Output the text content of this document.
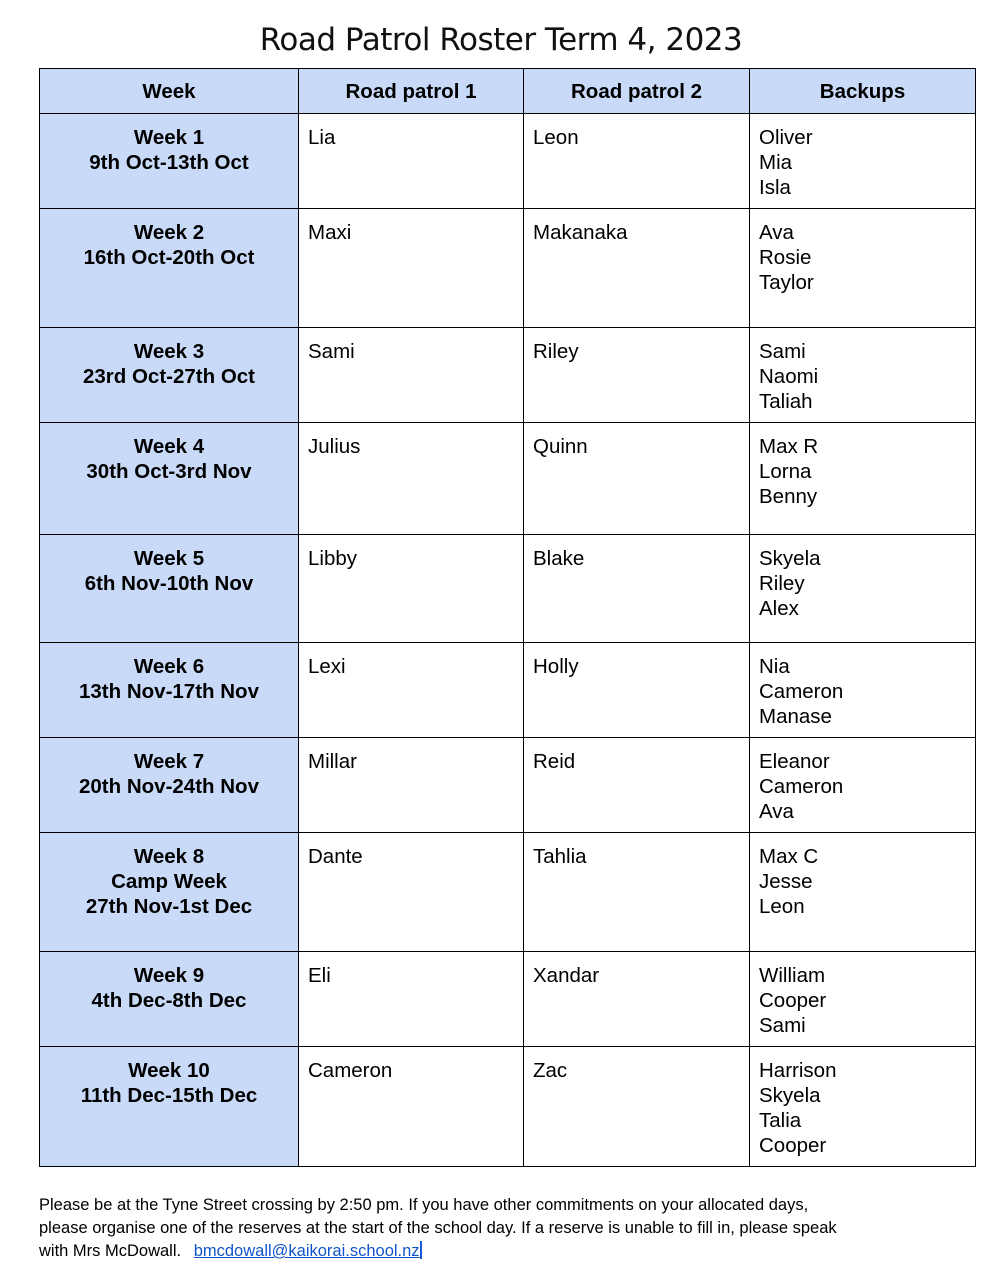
Road Patrol Roster Term 4, 2023
Week	Road patrol 1	Road patrol 2	Backups

Week 1
9th Oct-13th Oct	Lia	Leon	Oliver
Mia
Isla

Week 2
16th Oct-20th Oct	Maxi	Makanaka	Ava
Rosie
Taylor

Week 3
23rd Oct-27th Oct	Sami	Riley	Sami
Naomi
Taliah

Week 4
30th Oct-3rd Nov	Julius	Quinn	Max R
Lorna
Benny

Week 5
6th Nov-10th Nov	Libby	Blake	Skyela
Riley
Alex

Week 6
13th Nov-17th Nov	Lexi	Holly	Nia
Cameron
Manase

Week 7
20th Nov-24th Nov	Millar	Reid	Eleanor
Cameron
Ava

Week 8
Camp Week
27th Nov-1st Dec	Dante	Tahlia	Max C
Jesse
Leon

Week 9
4th Dec-8th Dec	Eli	Xandar	William
Cooper
Sami

Week 10
11th Dec-15th Dec	Cameron	Zac	Harrison
Skyela
Talia
Cooper
Please be at the Tyne Street crossing by 2:50 pm. If you have other commitments on your allocated days,
please organise one of the reserves at the start of the school day. If a reserve is unable to fill in, please speak
with Mrs McDowall. bmcdowall@kaikorai.school.nz
